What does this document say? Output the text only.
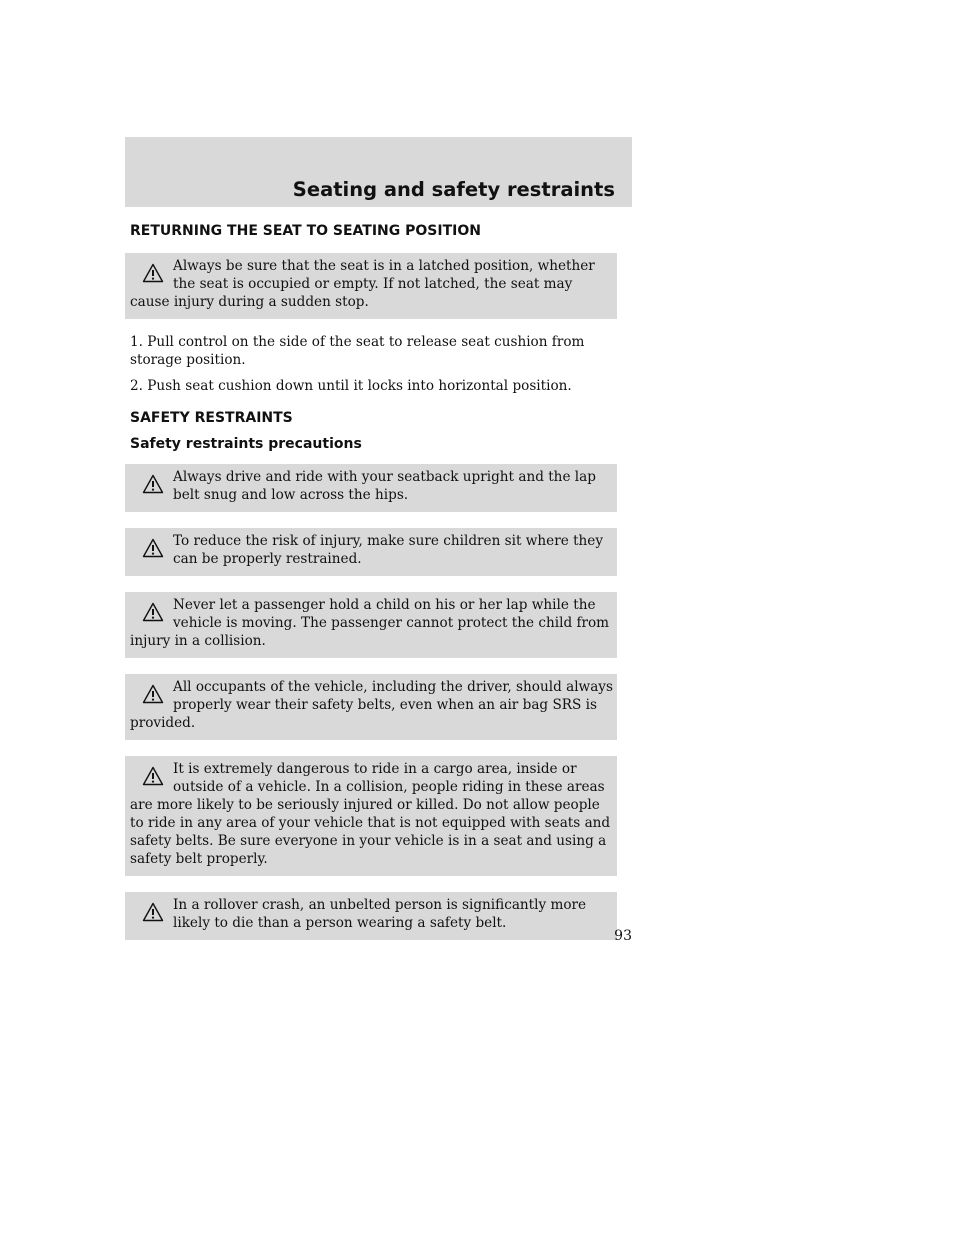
Seating and safety restraints
RETURNING THE SEAT TO SEATING POSITION
Always be sure that the seat is in a latched position, whether the seat is occupied or empty. If not latched, the seat may cause injury during a sudden stop.

1. Pull control on the side of the seat to release seat cushion from storage position.

2. Push seat cushion down until it locks into horizontal position.

SAFETY RESTRAINTS
Safety restraints precautions
Always drive and ride with your seatback upright and the lap belt snug and low across the hips.
To reduce the risk of injury, make sure children sit where they can be properly restrained.
Never let a passenger hold a child on his or her lap while the vehicle is moving. The passenger cannot protect the child from injury in a collision.
All occupants of the vehicle, including the driver, should always properly wear their safety belts, even when an air bag SRS is provided.
It is extremely dangerous to ride in a cargo area, inside or outside of a vehicle. In a collision, people riding in these areas are more likely to be seriously injured or killed. Do not allow people to ride in any area of your vehicle that is not equipped with seats and safety belts. Be sure everyone in your vehicle is in a seat and using a safety belt properly.
In a rollover crash, an unbelted person is significantly more likely to die than a person wearing a safety belt.
93
